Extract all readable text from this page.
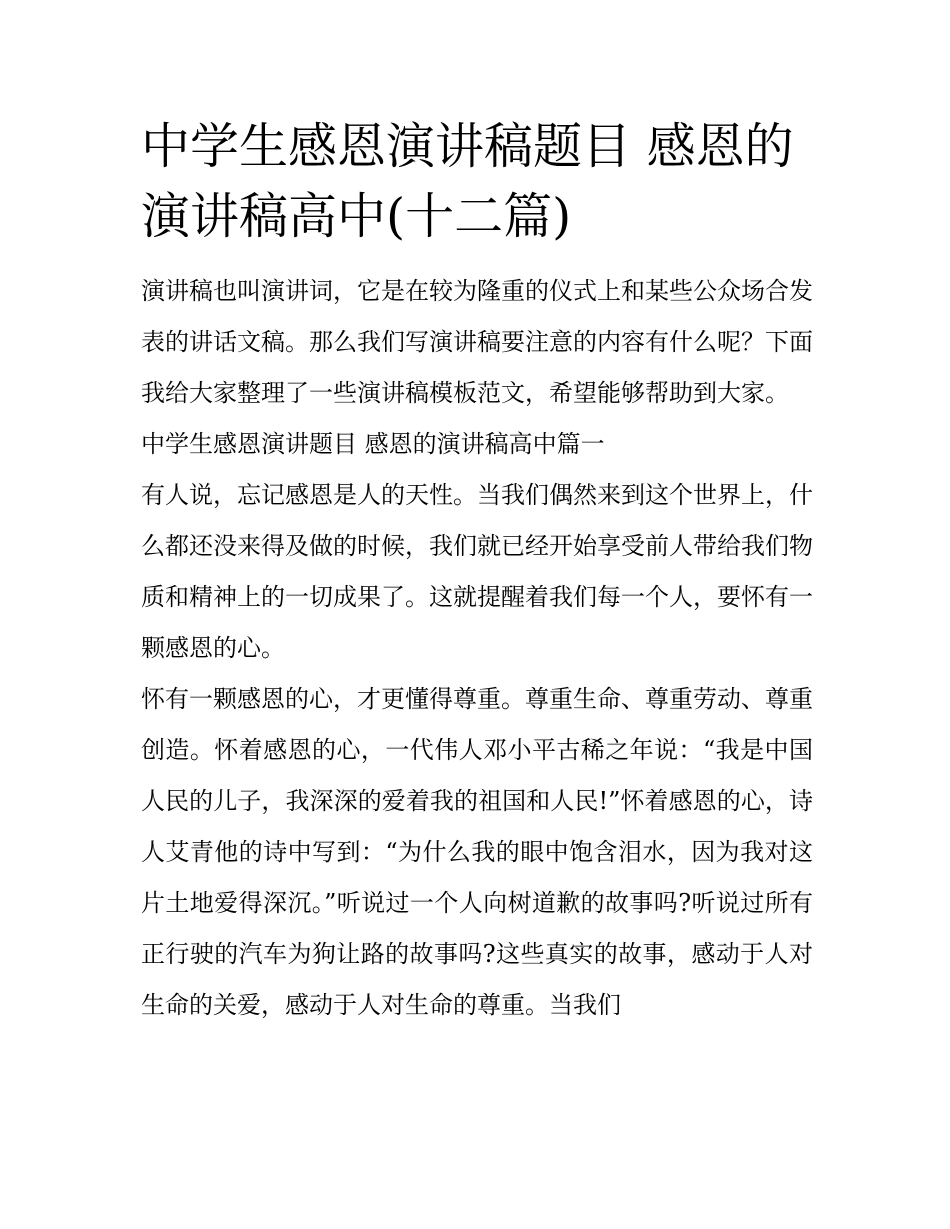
中学生感恩演讲稿题目 感恩的
演讲稿高中(十二篇)

演讲稿也叫演讲词，它是在较为隆重的仪式上和某些公众场合发表的讲话文稿。那么我们写演讲稿要注意的内容有什么呢？下面我给大家整理了一些演讲稿模板范文，希望能够帮助到大家。

中学生感恩演讲题目 感恩的演讲稿高中篇一

有人说，忘记感恩是人的天性。当我们偶然来到这个世界上，什么都还没来得及做的时候，我们就已经开始享受前人带给我们物质和精神上的一切成果了。这就提醒着我们每一个人，要怀有一颗感恩的心。

怀有一颗感恩的心，才更懂得尊重。尊重生命、尊重劳动、尊重创造。怀着感恩的心，一代伟人邓小平古稀之年说：“我是中国人民的儿子，我深深的爱着我的祖国和人民!”怀着感恩的心，诗人艾青他的诗中写到：“为什么我的眼中饱含泪水，因为我对这片土地爱得深沉。”听说过一个人向树道歉的故事吗?听说过所有正行驶的汽车为狗让路的故事吗?这些真实的故事，感动于人对生命的关爱，感动于人对生命的尊重。当我们
